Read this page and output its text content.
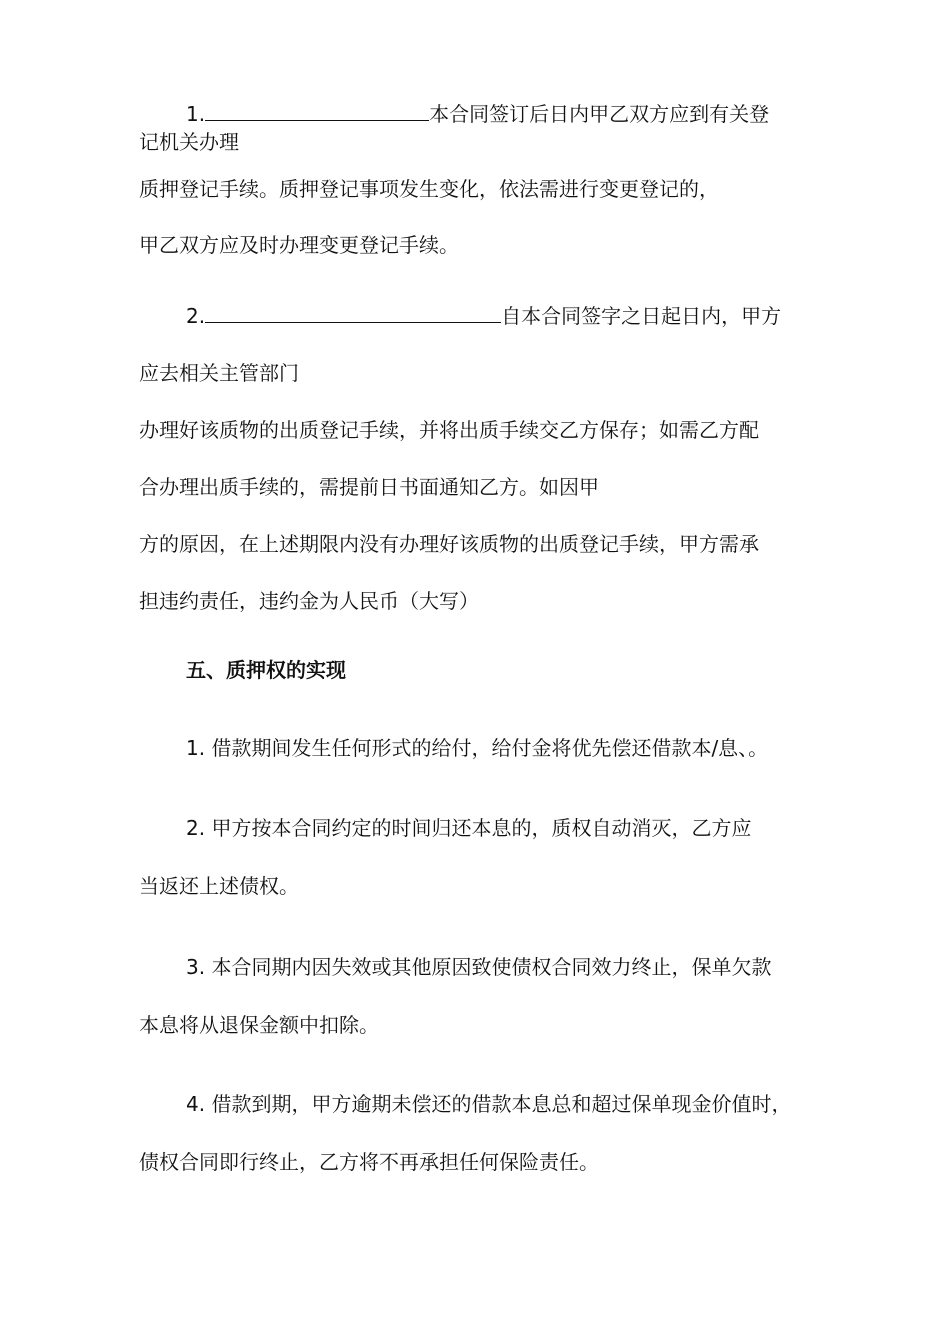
1.	本合同签订后日内甲乙双方应到有关登
记机关办理
质押登记手续。质押登记事项发生变化，依法需进行变更登记的，
甲乙双方应及时办理变更登记手续。
2.	自本合同签字之日起日内，甲方
应去相关主管部门
办理好该质物的出质登记手续，并将出质手续交乙方保存；如需乙方配
合办理出质手续的，需提前日书面通知乙方。如因甲
方的原因，在上述期限内没有办理好该质物的出质登记手续，甲方需承
担违约责任，违约金为人民币（大写）
五、质押权的实现
1. 借款期间发生任何形式的给付，给付金将优先偿还借款本/息、。
2. 甲方按本合同约定的时间归还本息的，质权自动消灭，乙方应
当返还上述债权。
3. 本合同期内因失效或其他原因致使债权合同效力终止，保单欠款
本息将从退保金额中扣除。
4. 借款到期，甲方逾期未偿还的借款本息总和超过保单现金价值时，
债权合同即行终止，乙方将不再承担任何保险责任。
